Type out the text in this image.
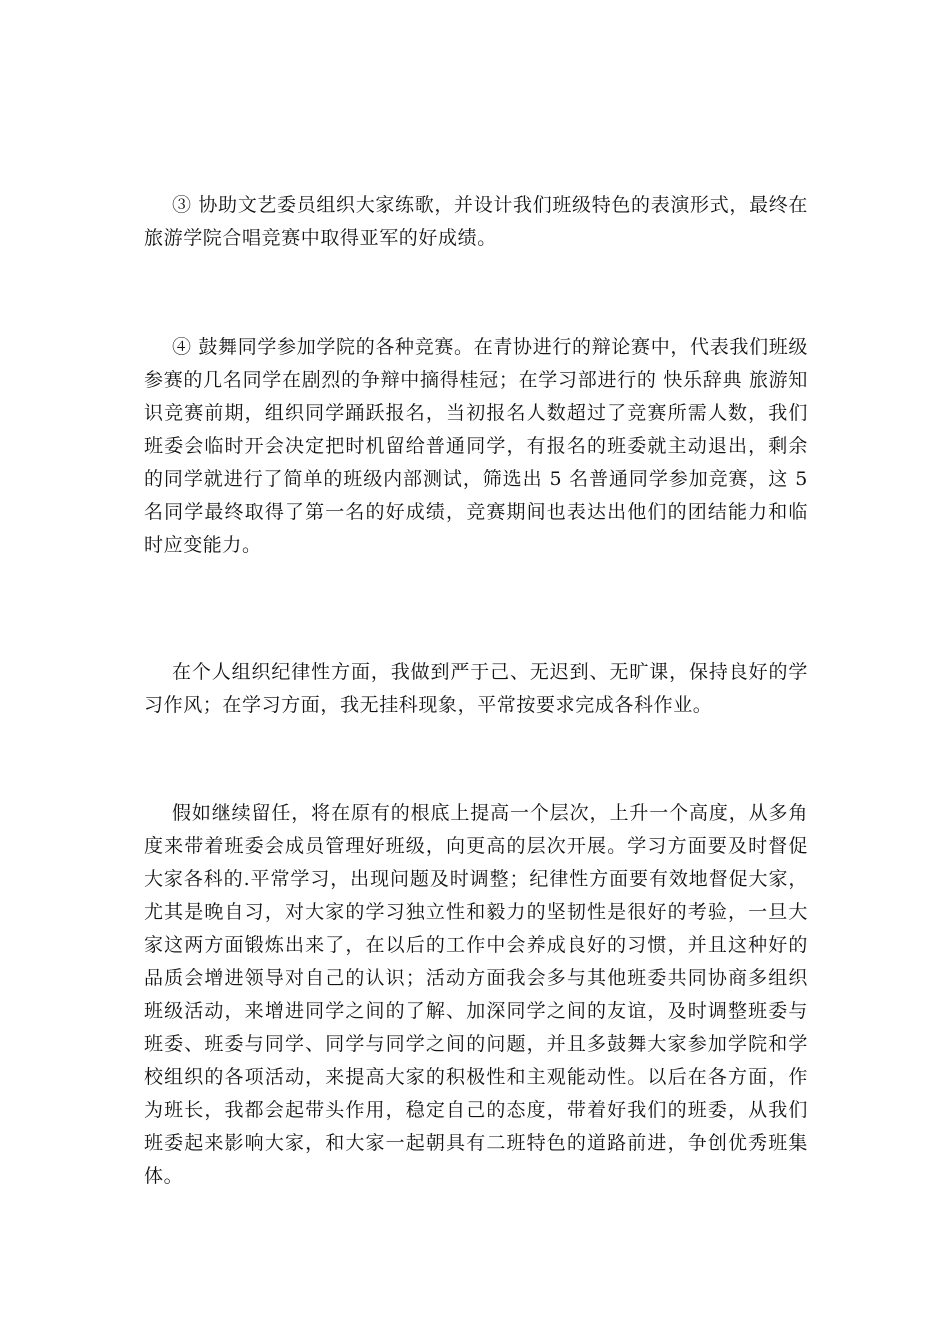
③ 协助文艺委员组织大家练歌，并设计我们班级特色的表演形式，最终在旅游学院合唱竞赛中取得亚军的好成绩。

④ 鼓舞同学参加学院的各种竞赛。在青协进行的辩论赛中，代表我们班级参赛的几名同学在剧烈的争辩中摘得桂冠；在学习部进行的 快乐辞典 旅游知识竞赛前期，组织同学踊跃报名，当初报名人数超过了竞赛所需人数，我们班委会临时开会决定把时机留给普通同学，有报名的班委就主动退出，剩余的同学就进行了简单的班级内部测试，筛选出 5 名普通同学参加竞赛，这 5 名同学最终取得了第一名的好成绩，竞赛期间也表达出他们的团结能力和临时应变能力。

在个人组织纪律性方面，我做到严于己、无迟到、无旷课，保持良好的学习作风；在学习方面，我无挂科现象，平常按要求完成各科作业。

假如继续留任，将在原有的根底上提高一个层次，上升一个高度，从多角度来带着班委会成员管理好班级，向更高的层次开展。学习方面要及时督促大家各科的.平常学习，出现问题及时调整；纪律性方面要有效地督促大家，尤其是晚自习，对大家的学习独立性和毅力的坚韧性是很好的考验，一旦大家这两方面锻炼出来了，在以后的工作中会养成良好的习惯，并且这种好的品质会增进领导对自己的认识；活动方面我会多与其他班委共同协商多组织班级活动，来增进同学之间的了解、加深同学之间的友谊，及时调整班委与班委、班委与同学、同学与同学之间的问题，并且多鼓舞大家参加学院和学校组织的各项活动，来提高大家的积极性和主观能动性。以后在各方面，作为班长，我都会起带头作用，稳定自己的态度，带着好我们的班委，从我们班委起来影响大家，和大家一起朝具有二班特色的道路前进，争创优秀班集体。
